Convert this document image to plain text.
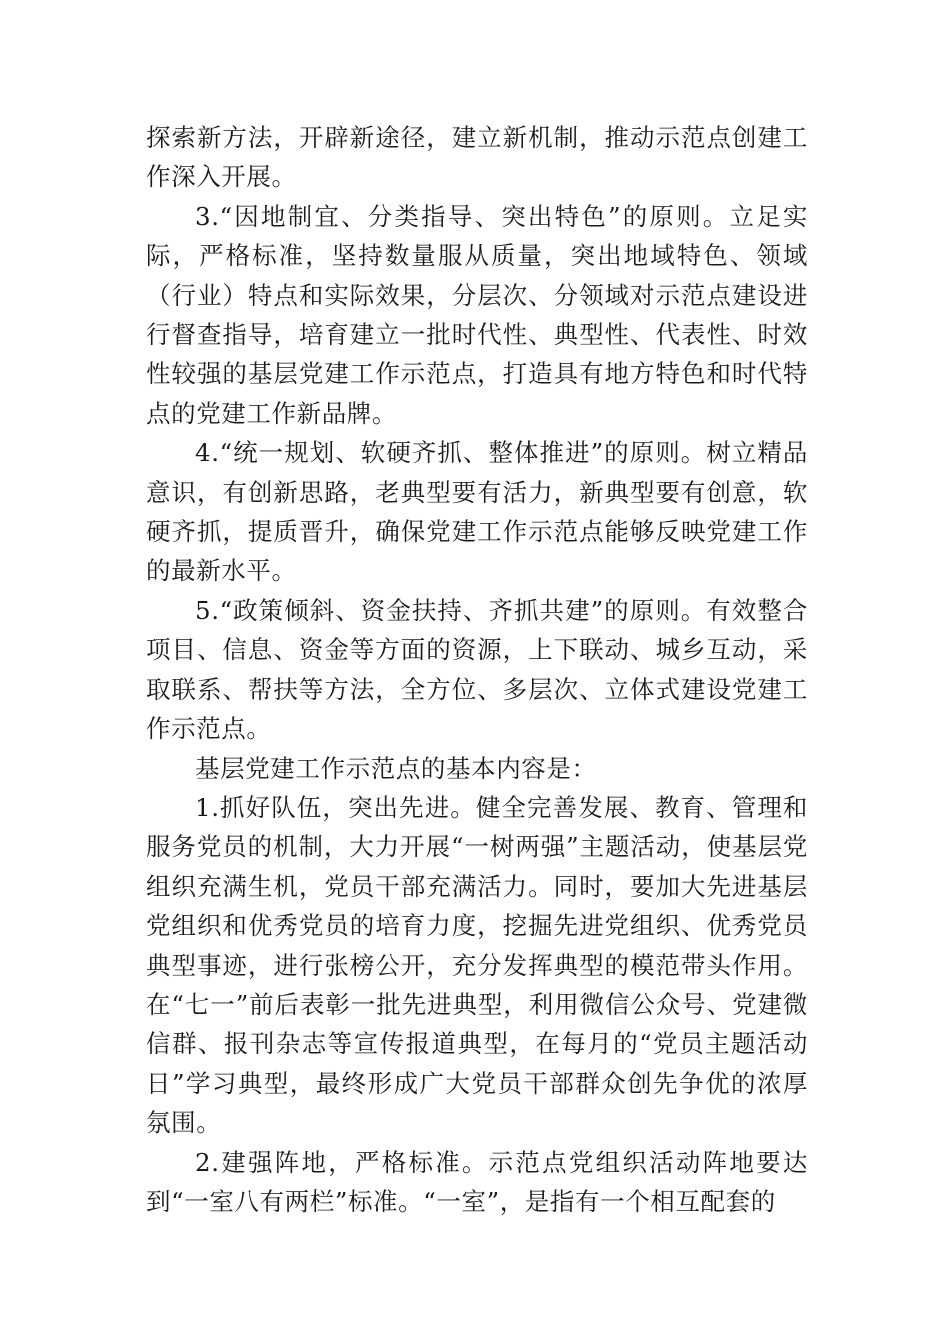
探索新方法，开辟新途径，建立新机制，推动示范点创建工作深入开展。

3.“因地制宜、分类指导、突出特色”的原则。立足实际，严格标准，坚持数量服从质量，突出地域特色、领域（行业）特点和实际效果，分层次、分领域对示范点建设进行督查指导，培育建立一批时代性、典型性、代表性、时效性较强的基层党建工作示范点，打造具有地方特色和时代特点的党建工作新品牌。

4.“统一规划、软硬齐抓、整体推进”的原则。树立精品意识，有创新思路，老典型要有活力，新典型要有创意，软硬齐抓，提质晋升，确保党建工作示范点能够反映党建工作的最新水平。

5.“政策倾斜、资金扶持、齐抓共建”的原则。有效整合项目、信息、资金等方面的资源，上下联动、城乡互动，采取联系、帮扶等方法，全方位、多层次、立体式建设党建工作示范点。

基层党建工作示范点的基本内容是：

1.抓好队伍，突出先进。健全完善发展、教育、管理和服务党员的机制，大力开展“一树两强”主题活动，使基层党组织充满生机，党员干部充满活力。同时，要加大先进基层党组织和优秀党员的培育力度，挖掘先进党组织、优秀党员典型事迹，进行张榜公开，充分发挥典型的模范带头作用。在“七一”前后表彰一批先进典型，利用微信公众号、党建微信群、报刊杂志等宣传报道典型，在每月的“党员主题活动日”学习典型，最终形成广大党员干部群众创先争优的浓厚氛围。

2.建强阵地，严格标准。示范点党组织活动阵地要达到“一室八有两栏”标准。“一室”，是指有一个相互配套的
